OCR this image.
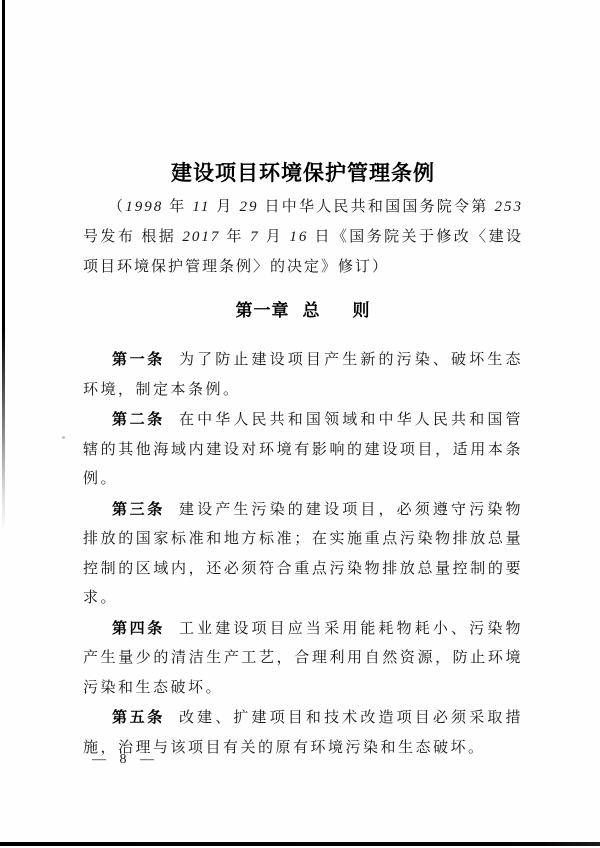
建设项目环境保护管理条例

（1998 年 11 月 29 日中华人民共和国国务院令第 253 号发布 根据 2017 年 7 月 16 日《国务院关于修改〈建设项目环境保护管理条例〉的决定》修订）

第一章 总 则

第一条 为了防止建设项目产生新的污染、破坏生态环境，制定本条例。

第二条 在中华人民共和国领域和中华人民共和国管辖的其他海域内建设对环境有影响的建设项目，适用本条例。

第三条 建设产生污染的建设项目，必须遵守污染物排放的国家标准和地方标准；在实施重点污染物排放总量控制的区域内，还必须符合重点污染物排放总量控制的要求。

第四条 工业建设项目应当采用能耗物耗小、污染物产生量少的清洁生产工艺，合理利用自然资源，防止环境污染和生态破坏。

第五条 改建、扩建项目和技术改造项目必须采取措施，治理与该项目有关的原有环境污染和生态破坏。

— 8 —
